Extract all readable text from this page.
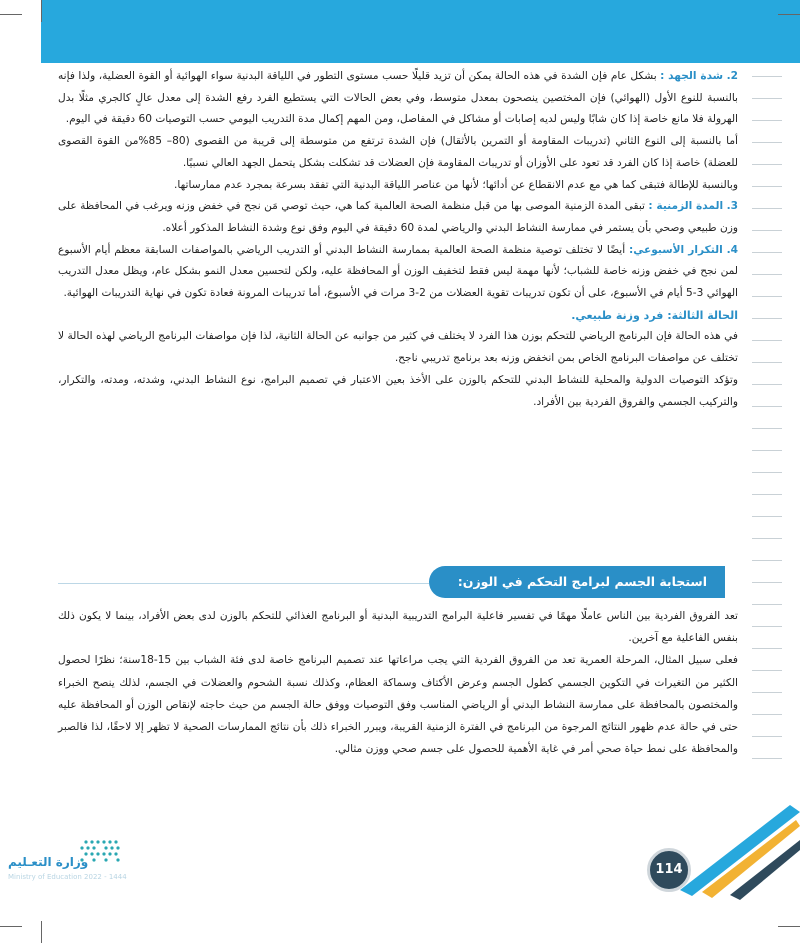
2. شدة الجهد : بشكل عام فإن الشدة في هذه الحالة يمكن أن تزيد قليلًا حسب مستوى التطور في اللياقة البدنية سواء الهوائية أو القوة العضلية، ولذا فإنه بالنسبة للنوع الأول (الهوائي) فإن المختصين ينصحون بمعدل متوسط، وفي بعض الحالات التي يستطيع الفرد رفع الشدة إلى معدل عالٍ كالجري مثلًا بدل الهرولة فلا مانع خاصة إذا كان شابًا وليس لديه إصابات أو مشاكل في المفاصل، ومن المهم إكمال مدة التدريب اليومي حسب التوصيات 60 دقيقة في اليوم.

أما بالنسبة إلى النوع الثاني (تدريبات المقاومة أو التمرين بالأثقال) فإن الشدة ترتفع من متوسطة إلى قريبة من القصوى (80– 85%من القوة القصوى للعضلة) خاصة إذا كان الفرد قد تعود على الأوزان أو تدريبات المقاومة فإن العضلات قد تشكلت بشكل يتحمل الجهد العالي نسبيًا.

وبالنسبة للإطالة فتبقى كما هي مع عدم الانقطاع عن أدائها؛ لأنها من عناصر اللياقة البدنية التي تفقد بسرعة بمجرد عدم ممارساتها.

3. المدة الزمنية : تبقى المدة الزمنية الموصى بها من قبل منظمة الصحة العالمية كما هي، حيث توصي مَن نجح في خفض وزنه ويرغب في المحافظة على وزن طبيعي وصحي بأن يستمر في ممارسة النشاط البدني والرياضي لمدة 60 دقيقة في اليوم وفق نوع وشدة النشاط المذكور أعلاه.

4. التكرار الأسبوعي: أيضًا لا تختلف توصية منظمة الصحة العالمية بممارسة النشاط البدني أو التدريب الرياضي بالمواصفات السابقة معظم أيام الأسبوع لمن نجح في خفض وزنه خاصة للشباب؛ لأنها مهمة ليس فقط لتخفيف الوزن أو المحافظة عليه، ولكن لتحسين معدل النمو بشكل عام، ويظل معدل التدريب الهوائي 3-5 أيام في الأسبوع، على أن تكون تدريبات تقوية العضلات من 2-3 مرات في الأسبوع، أما تدريبات المرونة فعادة تكون في نهاية التدريبات الهوائية.

الحالة الثالثة: فرد وزنة طبيعي.

في هذه الحالة فإن البرنامج الرياضي للتحكم بوزن هذا الفرد لا يختلف في كثير من جوانبه عن الحالة الثانية، لذا فإن مواصفات البرنامج الرياضي لهذه الحالة لا تختلف عن مواصفات البرنامج الخاص بمن انخفض وزنه بعد برنامج تدريبي ناجح.

وتؤكد التوصيات الدولية والمحلية للنشاط البدني للتحكم بالوزن على الأخذ بعين الاعتبار في تصميم البرامج، نوع النشاط البدني، وشدته، ومدته، والتكرار، والتركيب الجسمي والفروق الفردية بين الأفراد.

استجابة الجسم لبرامج التحكم في الوزن:

تعد الفروق الفردية بين الناس عاملًا مهمًا في تفسير فاعلية البرامج التدريبية البدنية أو البرنامج الغذائي للتحكم بالوزن لدى بعض الأفراد، بينما لا يكون ذلك بنفس الفاعلية مع آخرين.

فعلى سبيل المثال، المرحلة العمرية تعد من الفروق الفردية التي يجب مراعاتها عند تصميم البرنامج خاصة لدى فئة الشباب بين 15-18سنة؛ نظرًا لحصول الكثير من التغيرات في التكوين الجسمي كطول الجسم وعرض الأكتاف وسماكة العظام، وكذلك نسبة الشحوم والعضلات في الجسم، لذلك ينصح الخبراء والمختصون بالمحافظة على ممارسة النشاط البدني أو الرياضي المناسب وفق التوصيات ووفق حالة الجسم من حيث حاجته لإنقاص الوزن أو المحافظة عليه حتى في حالة عدم ظهور النتائج المرجوة من البرنامج في الفترة الزمنية القريبة، ويبرر الخبراء ذلك بأن نتائج الممارسات الصحية لا تظهر إلا لاحقًا، لذا فالصبر والمحافظة على نمط حياة صحي أمر في غاية الأهمية للحصول على جسم صحي ووزن مثالي.

وزارة التعـليم
Ministry of Education 2022 - 1444	114
